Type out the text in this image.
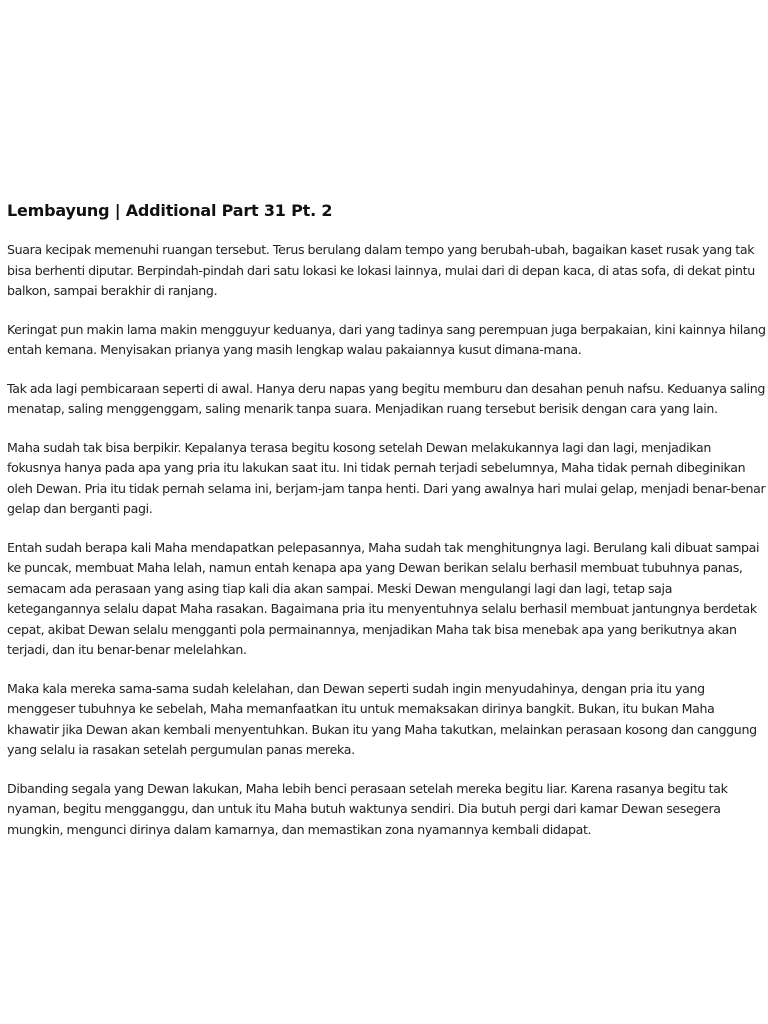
Lembayung | Additional Part 31 Pt. 2

Suara kecipak memenuhi ruangan tersebut. Terus berulang dalam tempo yang berubah-ubah, bagaikan kaset rusak yang tak bisa berhenti diputar. Berpindah-pindah dari satu lokasi ke lokasi lainnya, mulai dari di depan kaca, di atas sofa, di dekat pintu balkon, sampai berakhir di ranjang.

Keringat pun makin lama makin mengguyur keduanya, dari yang tadinya sang perempuan juga berpakaian, kini kainnya hilang entah kemana. Menyisakan prianya yang masih lengkap walau pakaiannya kusut dimana-mana.

Tak ada lagi pembicaraan seperti di awal. Hanya deru napas yang begitu memburu dan desahan penuh nafsu. Keduanya saling menatap, saling menggenggam, saling menarik tanpa suara. Menjadikan ruang tersebut berisik dengan cara yang lain.

Maha sudah tak bisa berpikir. Kepalanya terasa begitu kosong setelah Dewan melakukannya lagi dan lagi, menjadikan fokusnya hanya pada apa yang pria itu lakukan saat itu. Ini tidak pernah terjadi sebelumnya, Maha tidak pernah dibeginikan oleh Dewan. Pria itu tidak pernah selama ini, berjam-jam tanpa henti. Dari yang awalnya hari mulai gelap, menjadi benar-benar gelap dan berganti pagi.

Entah sudah berapa kali Maha mendapatkan pelepasannya, Maha sudah tak menghitungnya lagi. Berulang kali dibuat sampai ke puncak, membuat Maha lelah, namun entah kenapa apa yang Dewan berikan selalu berhasil membuat tubuhnya panas, semacam ada perasaan yang asing tiap kali dia akan sampai. Meski Dewan mengulangi lagi dan lagi, tetap saja ketegangannya selalu dapat Maha rasakan. Bagaimana pria itu menyentuhnya selalu berhasil membuat jantungnya berdetak cepat, akibat Dewan selalu mengganti pola permainannya, menjadikan Maha tak bisa menebak apa yang berikutnya akan terjadi, dan itu benar-benar melelahkan.

Maka kala mereka sama-sama sudah kelelahan, dan Dewan seperti sudah ingin menyudahinya, dengan pria itu yang menggeser tubuhnya ke sebelah, Maha memanfaatkan itu untuk memaksakan dirinya bangkit. Bukan, itu bukan Maha khawatir jika Dewan akan kembali menyentuhkan. Bukan itu yang Maha takutkan, melainkan perasaan kosong dan canggung yang selalu ia rasakan setelah pergumulan panas mereka.

Dibanding segala yang Dewan lakukan, Maha lebih benci perasaan setelah mereka begitu liar. Karena rasanya begitu tak nyaman, begitu mengganggu, dan untuk itu Maha butuh waktunya sendiri. Dia butuh pergi dari kamar Dewan sesegera mungkin, mengunci dirinya dalam kamarnya, dan memastikan zona nyamannya kembali didapat.
